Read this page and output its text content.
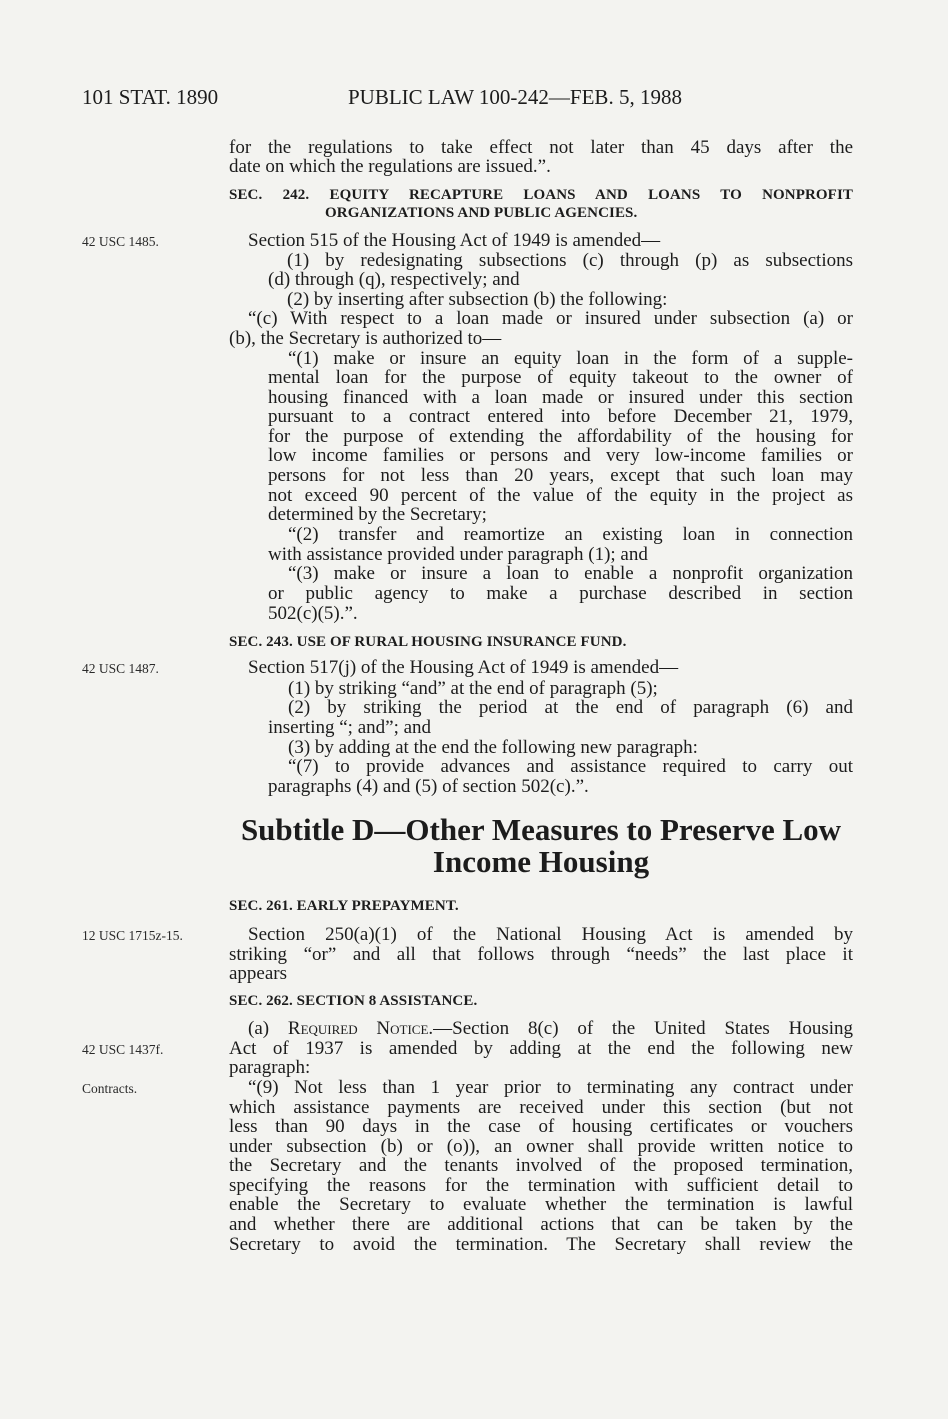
101 STAT. 1890	PUBLIC LAW 100-242—FEB. 5, 1988
42 USC 1485.
42 USC 1487.
12 USC 1715z-15.
42 USC 1437f.
Contracts.
for the regulations to take effect not later than 45 days after the
date on which the regulations are issued.”.
SEC. 242. EQUITY RECAPTURE LOANS AND LOANS TO NONPROFIT
ORGANIZATIONS AND PUBLIC AGENCIES.
Section 515 of the Housing Act of 1949 is amended—
(1) by redesignating subsections (c) through (p) as subsections
(d) through (q), respectively; and
(2) by inserting after subsection (b) the following:
“(c) With respect to a loan made or insured under subsection (a) or
(b), the Secretary is authorized to—
“(1) make or insure an equity loan in the form of a supple-
mental loan for the purpose of equity takeout to the owner of
housing financed with a loan made or insured under this section
pursuant to a contract entered into before December 21, 1979,
for the purpose of extending the affordability of the housing for
low income families or persons and very low-income families or
persons for not less than 20 years, except that such loan may
not exceed 90 percent of the value of the equity in the project as
determined by the Secretary;
“(2) transfer and reamortize an existing loan in connection
with assistance provided under paragraph (1); and
“(3) make or insure a loan to enable a nonprofit organization
or public agency to make a purchase described in section
502(c)(5).”.
SEC. 243. USE OF RURAL HOUSING INSURANCE FUND.
Section 517(j) of the Housing Act of 1949 is amended—
(1) by striking “and” at the end of paragraph (5);
(2) by striking the period at the end of paragraph (6) and
inserting “; and”; and
(3) by adding at the end the following new paragraph:
“(7) to provide advances and assistance required to carry out
paragraphs (4) and (5) of section 502(c).”.
SEC. 261. EARLY PREPAYMENT.
Section 250(a)(1) of the National Housing Act is amended by
striking “or” and all that follows through “needs” the last place it
appears
SEC. 262. SECTION 8 ASSISTANCE.
(a) Required Notice.—Section 8(c) of the United States Housing
Act of 1937 is amended by adding at the end the following new
paragraph:
“(9) Not less than 1 year prior to terminating any contract under
which assistance payments are received under this section (but not
less than 90 days in the case of housing certificates or vouchers
under subsection (b) or (o)), an owner shall provide written notice to
the Secretary and the tenants involved of the proposed termination,
specifying the reasons for the termination with sufficient detail to
enable the Secretary to evaluate whether the termination is lawful
and whether there are additional actions that can be taken by the
Secretary to avoid the termination. The Secretary shall review the
Subtitle D—Other Measures to Preserve Low
Income Housing
